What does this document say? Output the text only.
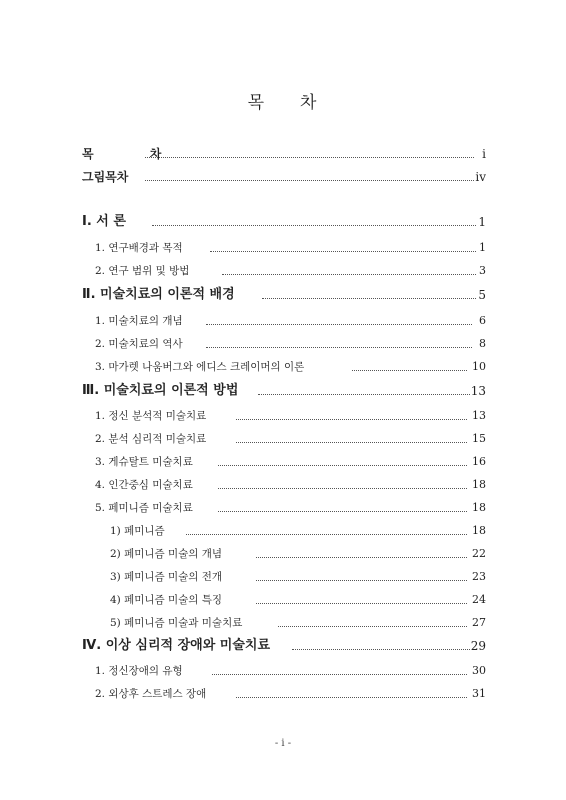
목 차
목 차	i
그림목차	iv
Ⅰ. 서 론	1
1. 연구배경과 목적	1
2. 연구 범위 및 방법	3
Ⅱ. 미술치료의 이론적 배경	5
1. 미술치료의 개념	6
2. 미술치료의 역사	8
3. 마가렛 나움버그와 에디스 크레이머의 이론	10
Ⅲ. 미술치료의 이론적 방법	13
1. 정신 분석적 미술치료	13
2. 분석 심리적 미술치료	15
3. 게슈탈트 미술치료	16
4. 인간중심 미술치료	18
5. 페미니즘 미술치료	18
1) 페미니즘	18
2) 페미니즘 미술의 개념	22
3) 페미니즘 미술의 전개	23
4) 페미니즘 미술의 특징	24
5) 페미니즘 미술과 미술치료	27
Ⅳ. 이상 심리적 장애와 미술치료	29
1. 정신장애의 유형	30
2. 외상후 스트레스 장애	31
- i -
